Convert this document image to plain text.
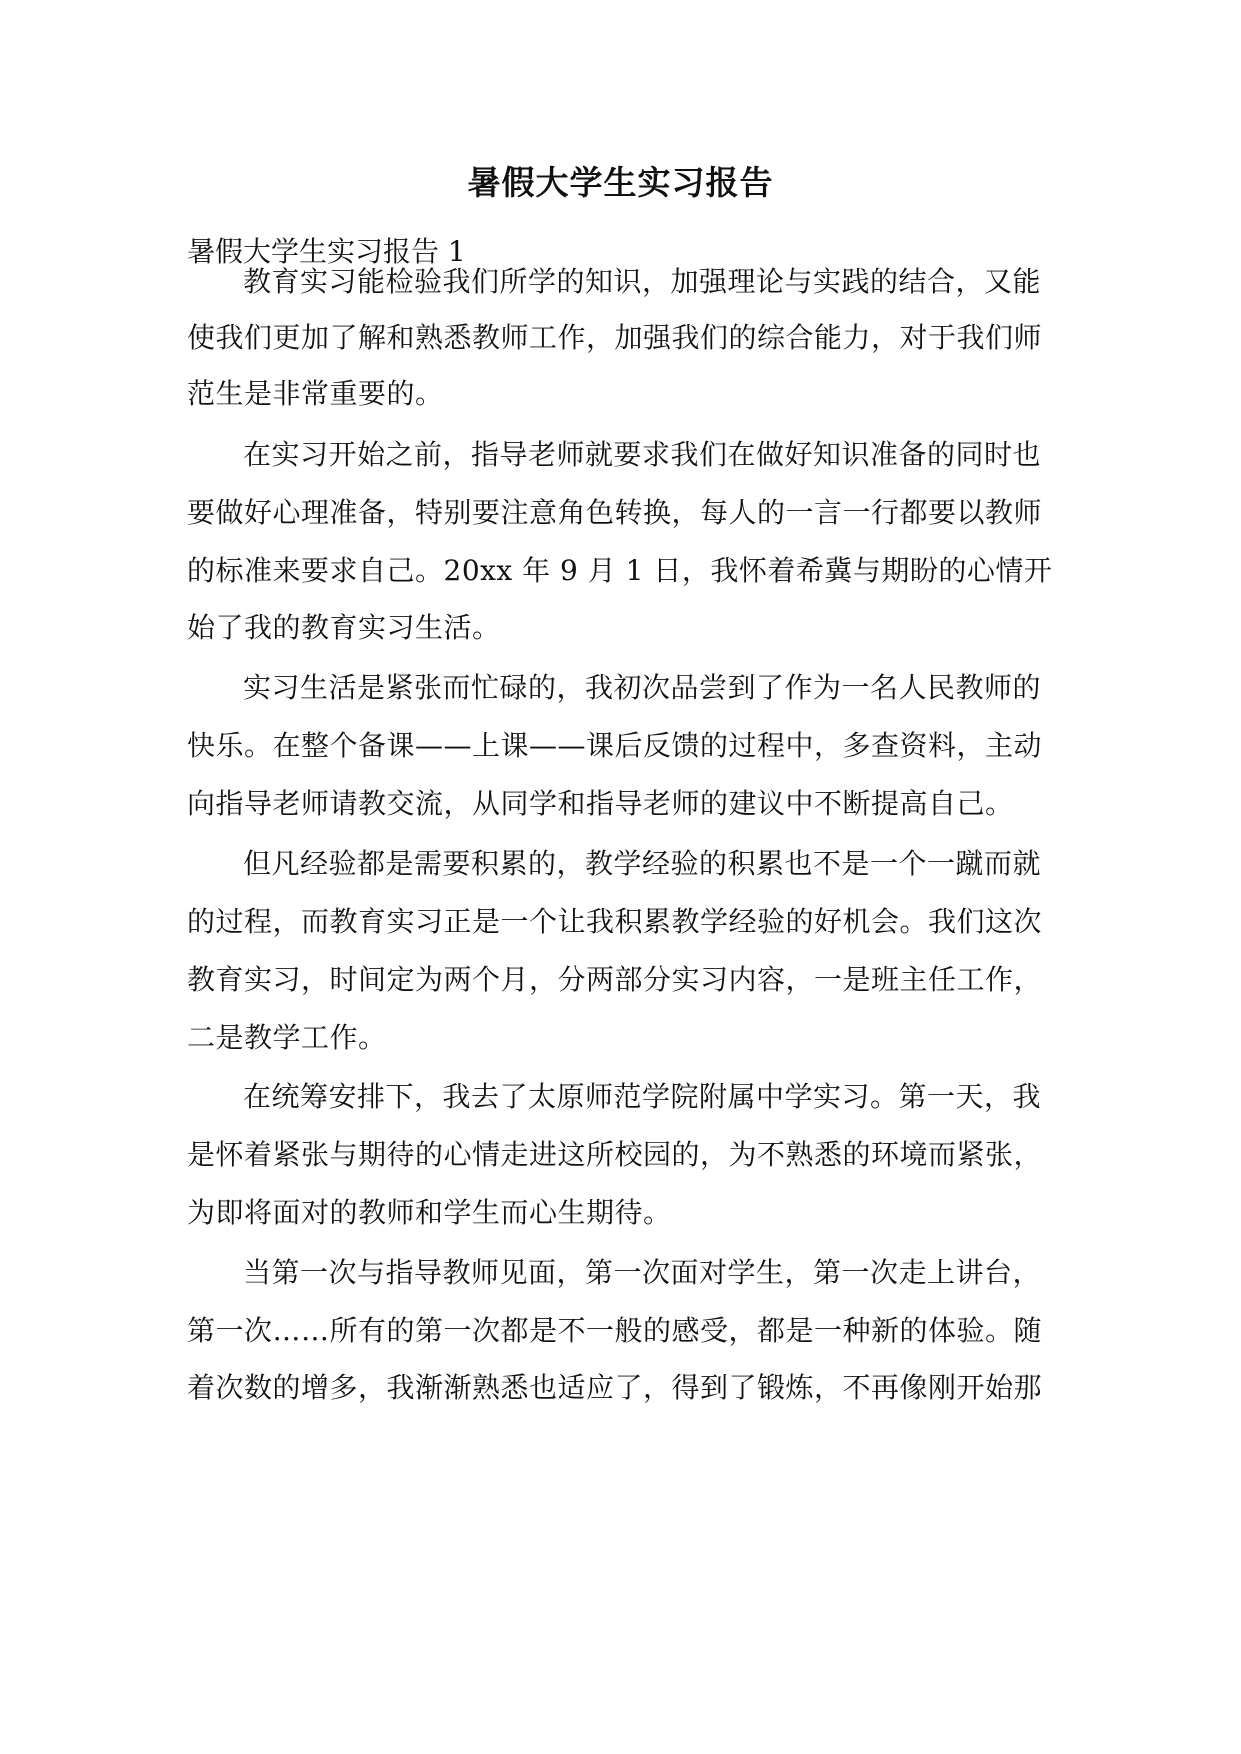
暑假大学生实习报告
暑假大学生实习报告 1
教育实习能检验我们所学的知识，加强理论与实践的结合，又能
使我们更加了解和熟悉教师工作，加强我们的综合能力，对于我们师
范生是非常重要的。
在实习开始之前，指导老师就要求我们在做好知识准备的同时也
要做好心理准备，特别要注意角色转换，每人的一言一行都要以教师
的标准来要求自己。20xx 年 9 月 1 日，我怀着希冀与期盼的心情开
始了我的教育实习生活。
实习生活是紧张而忙碌的，我初次品尝到了作为一名人民教师的
快乐。在整个备课——上课——课后反馈的过程中，多查资料，主动
向指导老师请教交流，从同学和指导老师的建议中不断提高自己。
但凡经验都是需要积累的，教学经验的积累也不是一个一蹴而就
的过程，而教育实习正是一个让我积累教学经验的好机会。我们这次
教育实习，时间定为两个月，分两部分实习内容，一是班主任工作，
二是教学工作。
在统筹安排下，我去了太原师范学院附属中学实习。第一天，我
是怀着紧张与期待的心情走进这所校园的，为不熟悉的环境而紧张，
为即将面对的教师和学生而心生期待。
当第一次与指导教师见面，第一次面对学生，第一次走上讲台，
第一次……所有的第一次都是不一般的感受，都是一种新的体验。随
着次数的增多，我渐渐熟悉也适应了，得到了锻炼，不再像刚开始那
